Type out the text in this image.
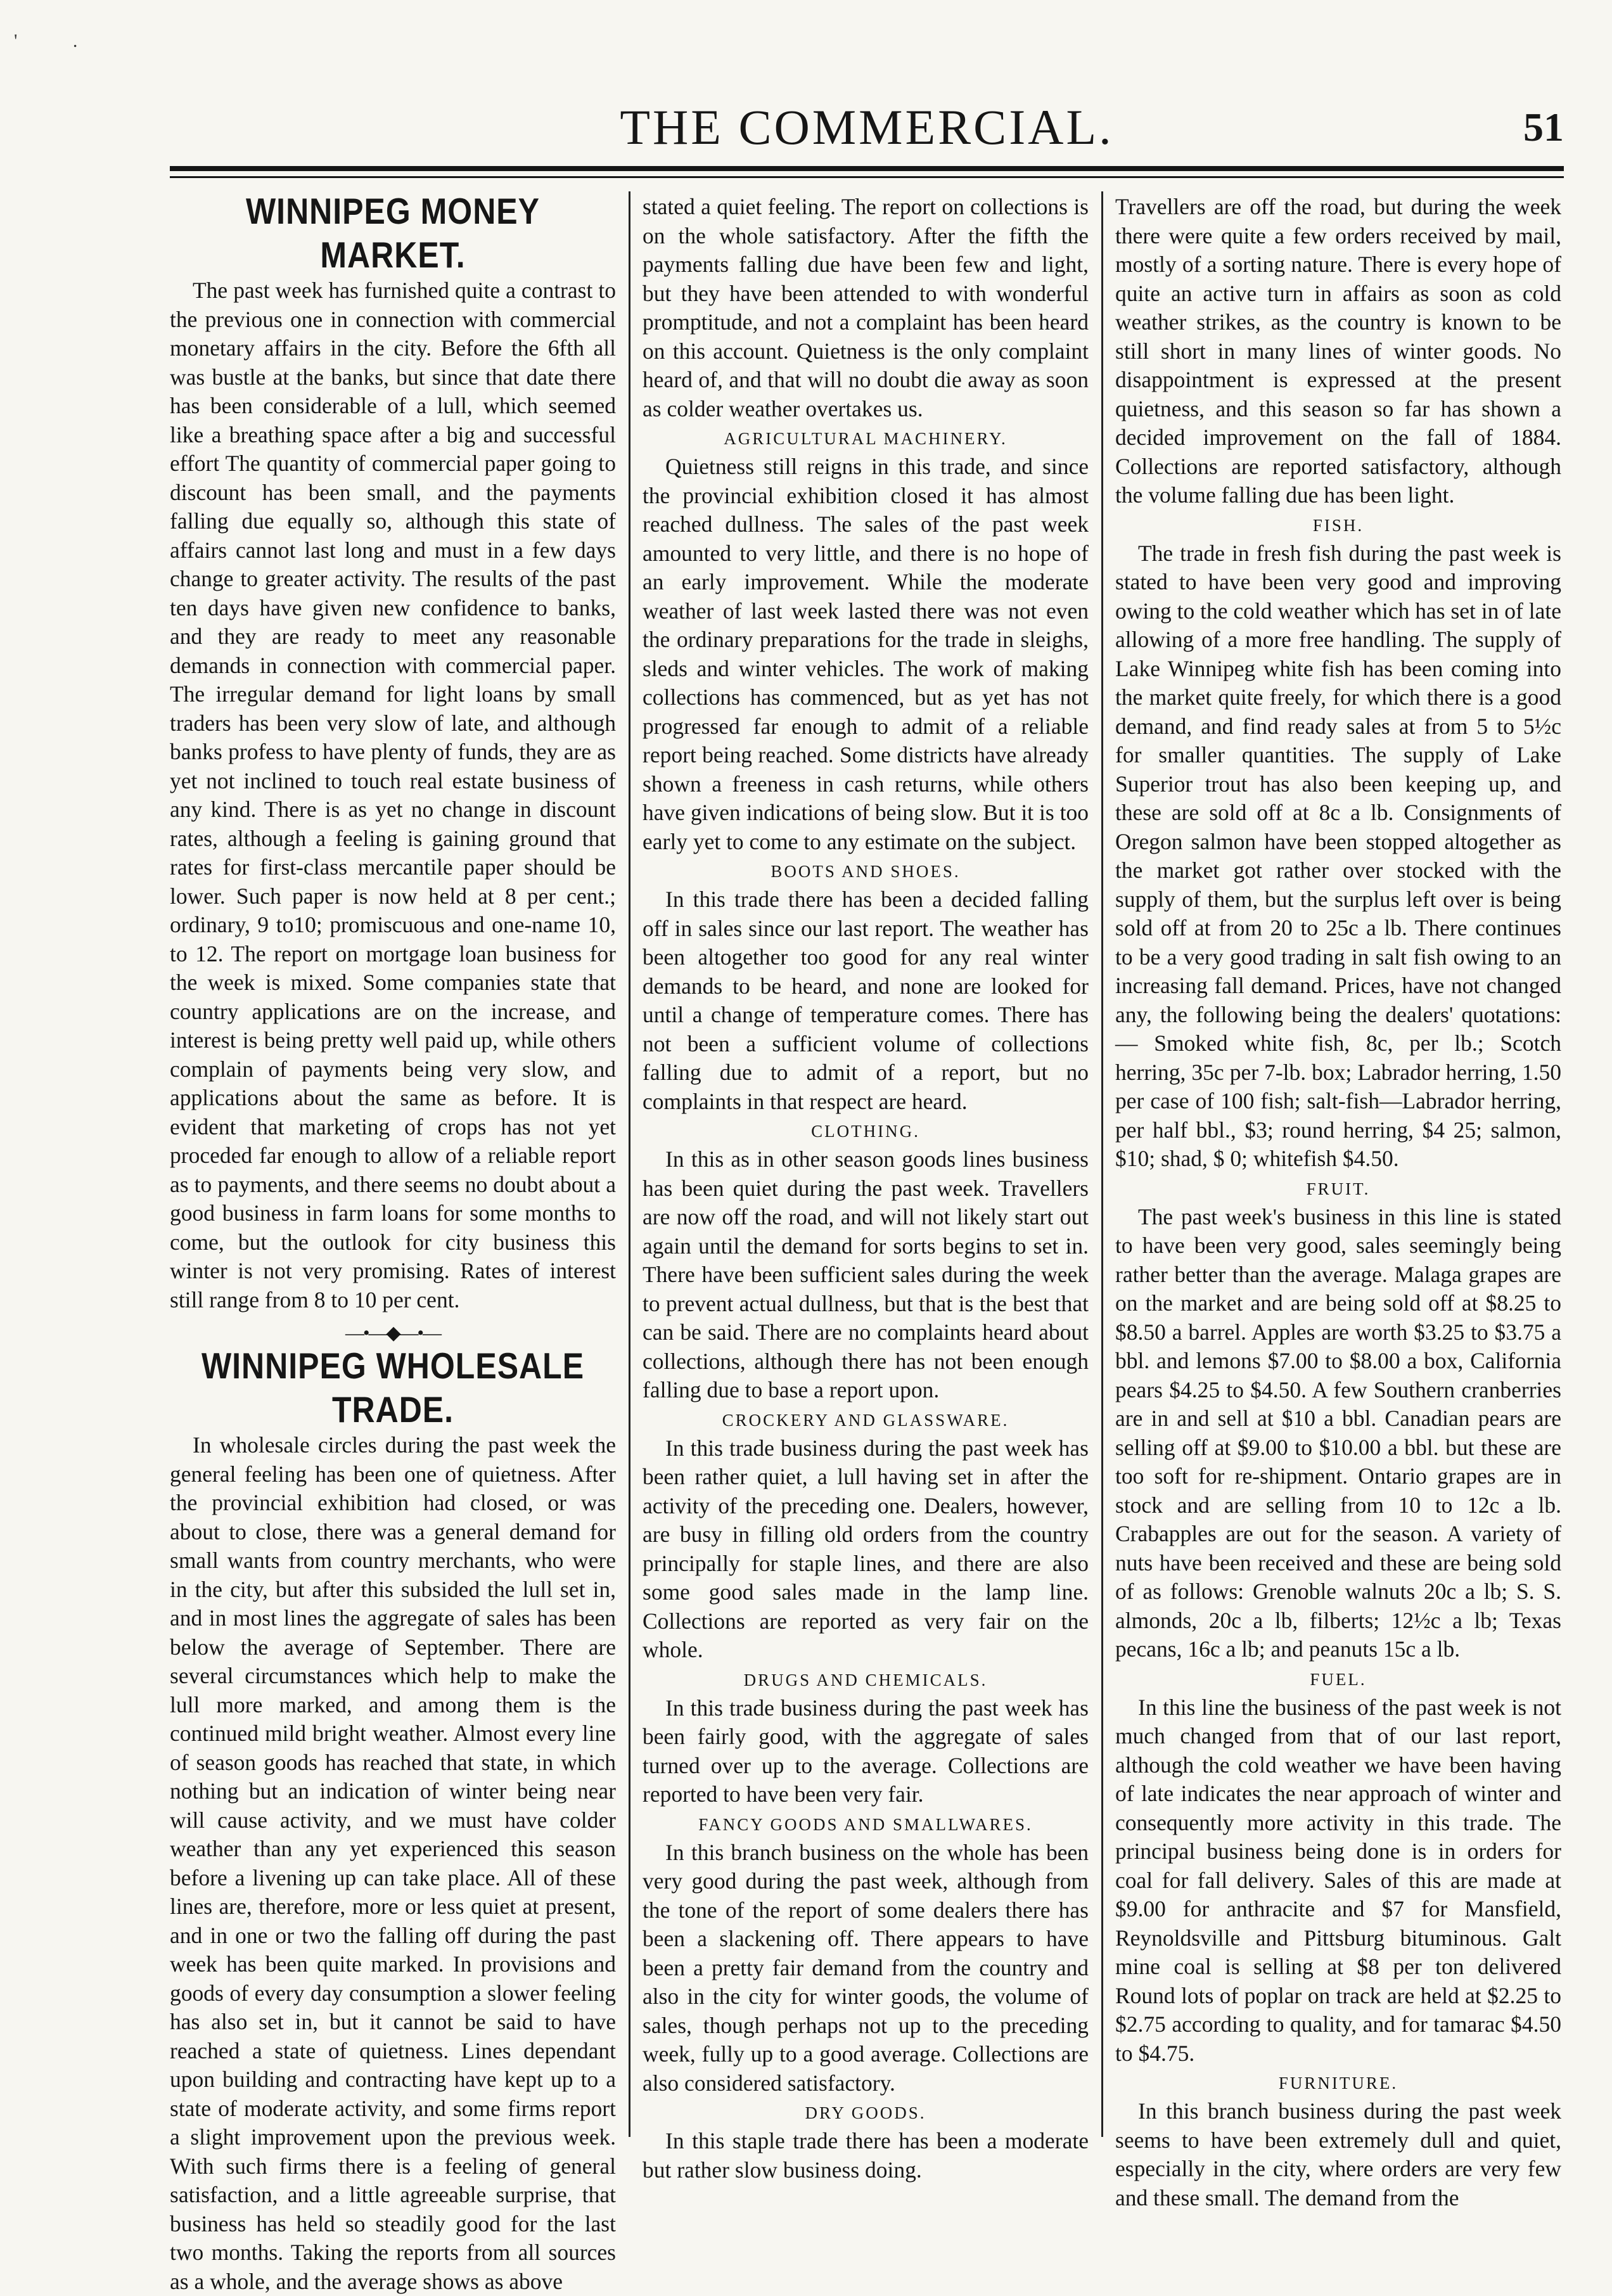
' .
THE COMMERCIAL.	51
WINNIPEG MONEY MARKET.

The past week has furnished quite a contrast to the previous one in connection with commercial monetary affairs in the city. Before the 6fth all was bustle at the banks, but since that date there has been considerable of a lull, which seemed like a breathing space after a big and successful effort The quantity of commercial paper going to discount has been small, and the payments falling due equally so, although this state of affairs cannot last long and must in a few days change to greater activity. The results of the past ten days have given new confidence to banks, and they are ready to meet any reasonable demands in connection with commercial paper. The irregular demand for light loans by small traders has been very slow of late, and although banks profess to have plenty of funds, they are as yet not inclined to touch real estate business of any kind. There is as yet no change in discount rates, although a feeling is gaining ground that rates for first-class mercantile paper should be lower. Such paper is now held at 8 per cent.; ordinary, 9 to10; promiscuous and one-name 10, to 12. The report on mortgage loan business for the week is mixed. Some companies state that country applications are on the increase, and interest is being pretty well paid up, while others complain of payments being very slow, and applications about the same as before. It is evident that marketing of crops has not yet proceded far enough to allow of a reliable report as to payments, and there seems no doubt about a good business in farm loans for some months to come, but the outlook for city business this winter is not very promising. Rates of interest still range from 8 to 10 per cent.

—•—◆—•—
WINNIPEG WHOLESALE TRADE.

In wholesale circles during the past week the general feeling has been one of quietness. After the provincial exhibition had closed, or was about to close, there was a general demand for small wants from country merchants, who were in the city, but after this subsided the lull set in, and in most lines the aggregate of sales has been below the average of September. There are several circumstances which help to make the lull more marked, and among them is the continued mild bright weather. Almost every line of season goods has reached that state, in which nothing but an indication of winter being near will cause activity, and we must have colder weather than any yet experienced this season before a livening up can take place. All of these lines are, therefore, more or less quiet at present, and in one or two the falling off during the past week has been quite marked. In provisions and goods of every day consumption a slower feeling has also set in, but it cannot be said to have reached a state of quietness. Lines dependant upon building and contracting have kept up to a state of moderate activity, and some firms report a slight improvement upon the previous week. With such firms there is a feeling of general satisfaction, and a little agreeable surprise, that business has held so steadily good for the last two months. Taking the reports from all sources as a whole, and the average shows as above

stated a quiet feeling. The report on collections is on the whole satisfactory. After the fifth the payments falling due have been few and light, but they have been attended to with wonderful promptitude, and not a complaint has been heard on this account. Quietness is the only complaint heard of, and that will no doubt die away as soon as colder weather overtakes us.

AGRICULTURAL MACHINERY.

Quietness still reigns in this trade, and since the provincial exhibition closed it has almost reached dullness. The sales of the past week amounted to very little, and there is no hope of an early improvement. While the moderate weather of last week lasted there was not even the ordinary preparations for the trade in sleighs, sleds and winter vehicles. The work of making collections has commenced, but as yet has not progressed far enough to admit of a reliable report being reached. Some districts have already shown a freeness in cash returns, while others have given indications of being slow. But it is too early yet to come to any estimate on the subject.

BOOTS AND SHOES.

In this trade there has been a decided falling off in sales since our last report. The weather has been altogether too good for any real winter demands to be heard, and none are looked for until a change of temperature comes. There has not been a sufficient volume of collections falling due to admit of a report, but no complaints in that respect are heard.

CLOTHING.

In this as in other season goods lines business has been quiet during the past week. Travellers are now off the road, and will not likely start out again until the demand for sorts begins to set in. There have been sufficient sales during the week to prevent actual dullness, but that is the best that can be said. There are no complaints heard about collections, although there has not been enough falling due to base a report upon.

CROCKERY AND GLASSWARE.

In this trade business during the past week has been rather quiet, a lull having set in after the activity of the preceding one. Dealers, however, are busy in filling old orders from the country principally for staple lines, and there are also some good sales made in the lamp line. Collections are reported as very fair on the whole.

DRUGS AND CHEMICALS.

In this trade business during the past week has been fairly good, with the aggregate of sales turned over up to the average. Collections are reported to have been very fair.

FANCY GOODS AND SMALLWARES.

In this branch business on the whole has been very good during the past week, although from the tone of the report of some dealers there has been a slackening off. There appears to have been a pretty fair demand from the country and also in the city for winter goods, the volume of sales, though perhaps not up to the preceding week, fully up to a good average. Collections are also considered satisfactory.

DRY GOODS.

In this staple trade there has been a moderate but rather slow business doing.

Travellers are off the road, but during the week there were quite a few orders received by mail, mostly of a sorting nature. There is every hope of quite an active turn in affairs as soon as cold weather strikes, as the country is known to be still short in many lines of winter goods. No disappointment is expressed at the present quietness, and this season so far has shown a decided improvement on the fall of 1884. Collections are reported satisfactory, although the volume falling due has been light.

FISH.

The trade in fresh fish during the past week is stated to have been very good and improving owing to the cold weather which has set in of late allowing of a more free handling. The supply of Lake Winnipeg white fish has been coming into the market quite freely, for which there is a good demand, and find ready sales at from 5 to 5½c for smaller quantities. The supply of Lake Superior trout has also been keeping up, and these are sold off at 8c a lb. Consignments of Oregon salmon have been stopped altogether as the market got rather over stocked with the supply of them, but the surplus left over is being sold off at from 20 to 25c a lb. There continues to be a very good trading in salt fish owing to an increasing fall demand. Prices, have not changed any, the following being the dealers' quotations: — Smoked white fish, 8c, per lb.; Scotch herring, 35c per 7-lb. box; Labrador herring, 1.50 per case of 100 fish; salt-fish—Labrador herring, per half bbl., $3; round herring, $4 25; salmon, $10; shad, $ 0; whitefish $4.50.

FRUIT.

The past week's business in this line is stated to have been very good, sales seemingly being rather better than the average. Malaga grapes are on the market and are being sold off at $8.25 to $8.50 a barrel. Apples are worth $3.25 to $3.75 a bbl. and lemons $7.00 to $8.00 a box, California pears $4.25 to $4.50. A few Southern cranberries are in and sell at $10 a bbl. Canadian pears are selling off at $9.00 to $10.00 a bbl. but these are too soft for re-shipment. Ontario grapes are in stock and are selling from 10 to 12c a lb. Crabapples are out for the season. A variety of nuts have been received and these are being sold of as follows: Grenoble walnuts 20c a lb; S. S. almonds, 20c a lb, filberts; 12½c a lb; Texas pecans, 16c a lb; and peanuts 15c a lb.

FUEL.

In this line the business of the past week is not much changed from that of our last report, although the cold weather we have been having of late indicates the near approach of winter and consequently more activity in this trade. The principal business being done is in orders for coal for fall delivery. Sales of this are made at $9.00 for anthracite and $7 for Mansfield, Reynoldsville and Pittsburg bituminous. Galt mine coal is selling at $8 per ton delivered Round lots of poplar on track are held at $2.25 to $2.75 according to quality, and for tamarac $4.50 to $4.75.

FURNITURE.

In this branch business during the past week seems to have been extremely dull and quiet, especially in the city, where orders are very few and these small. The demand from the
